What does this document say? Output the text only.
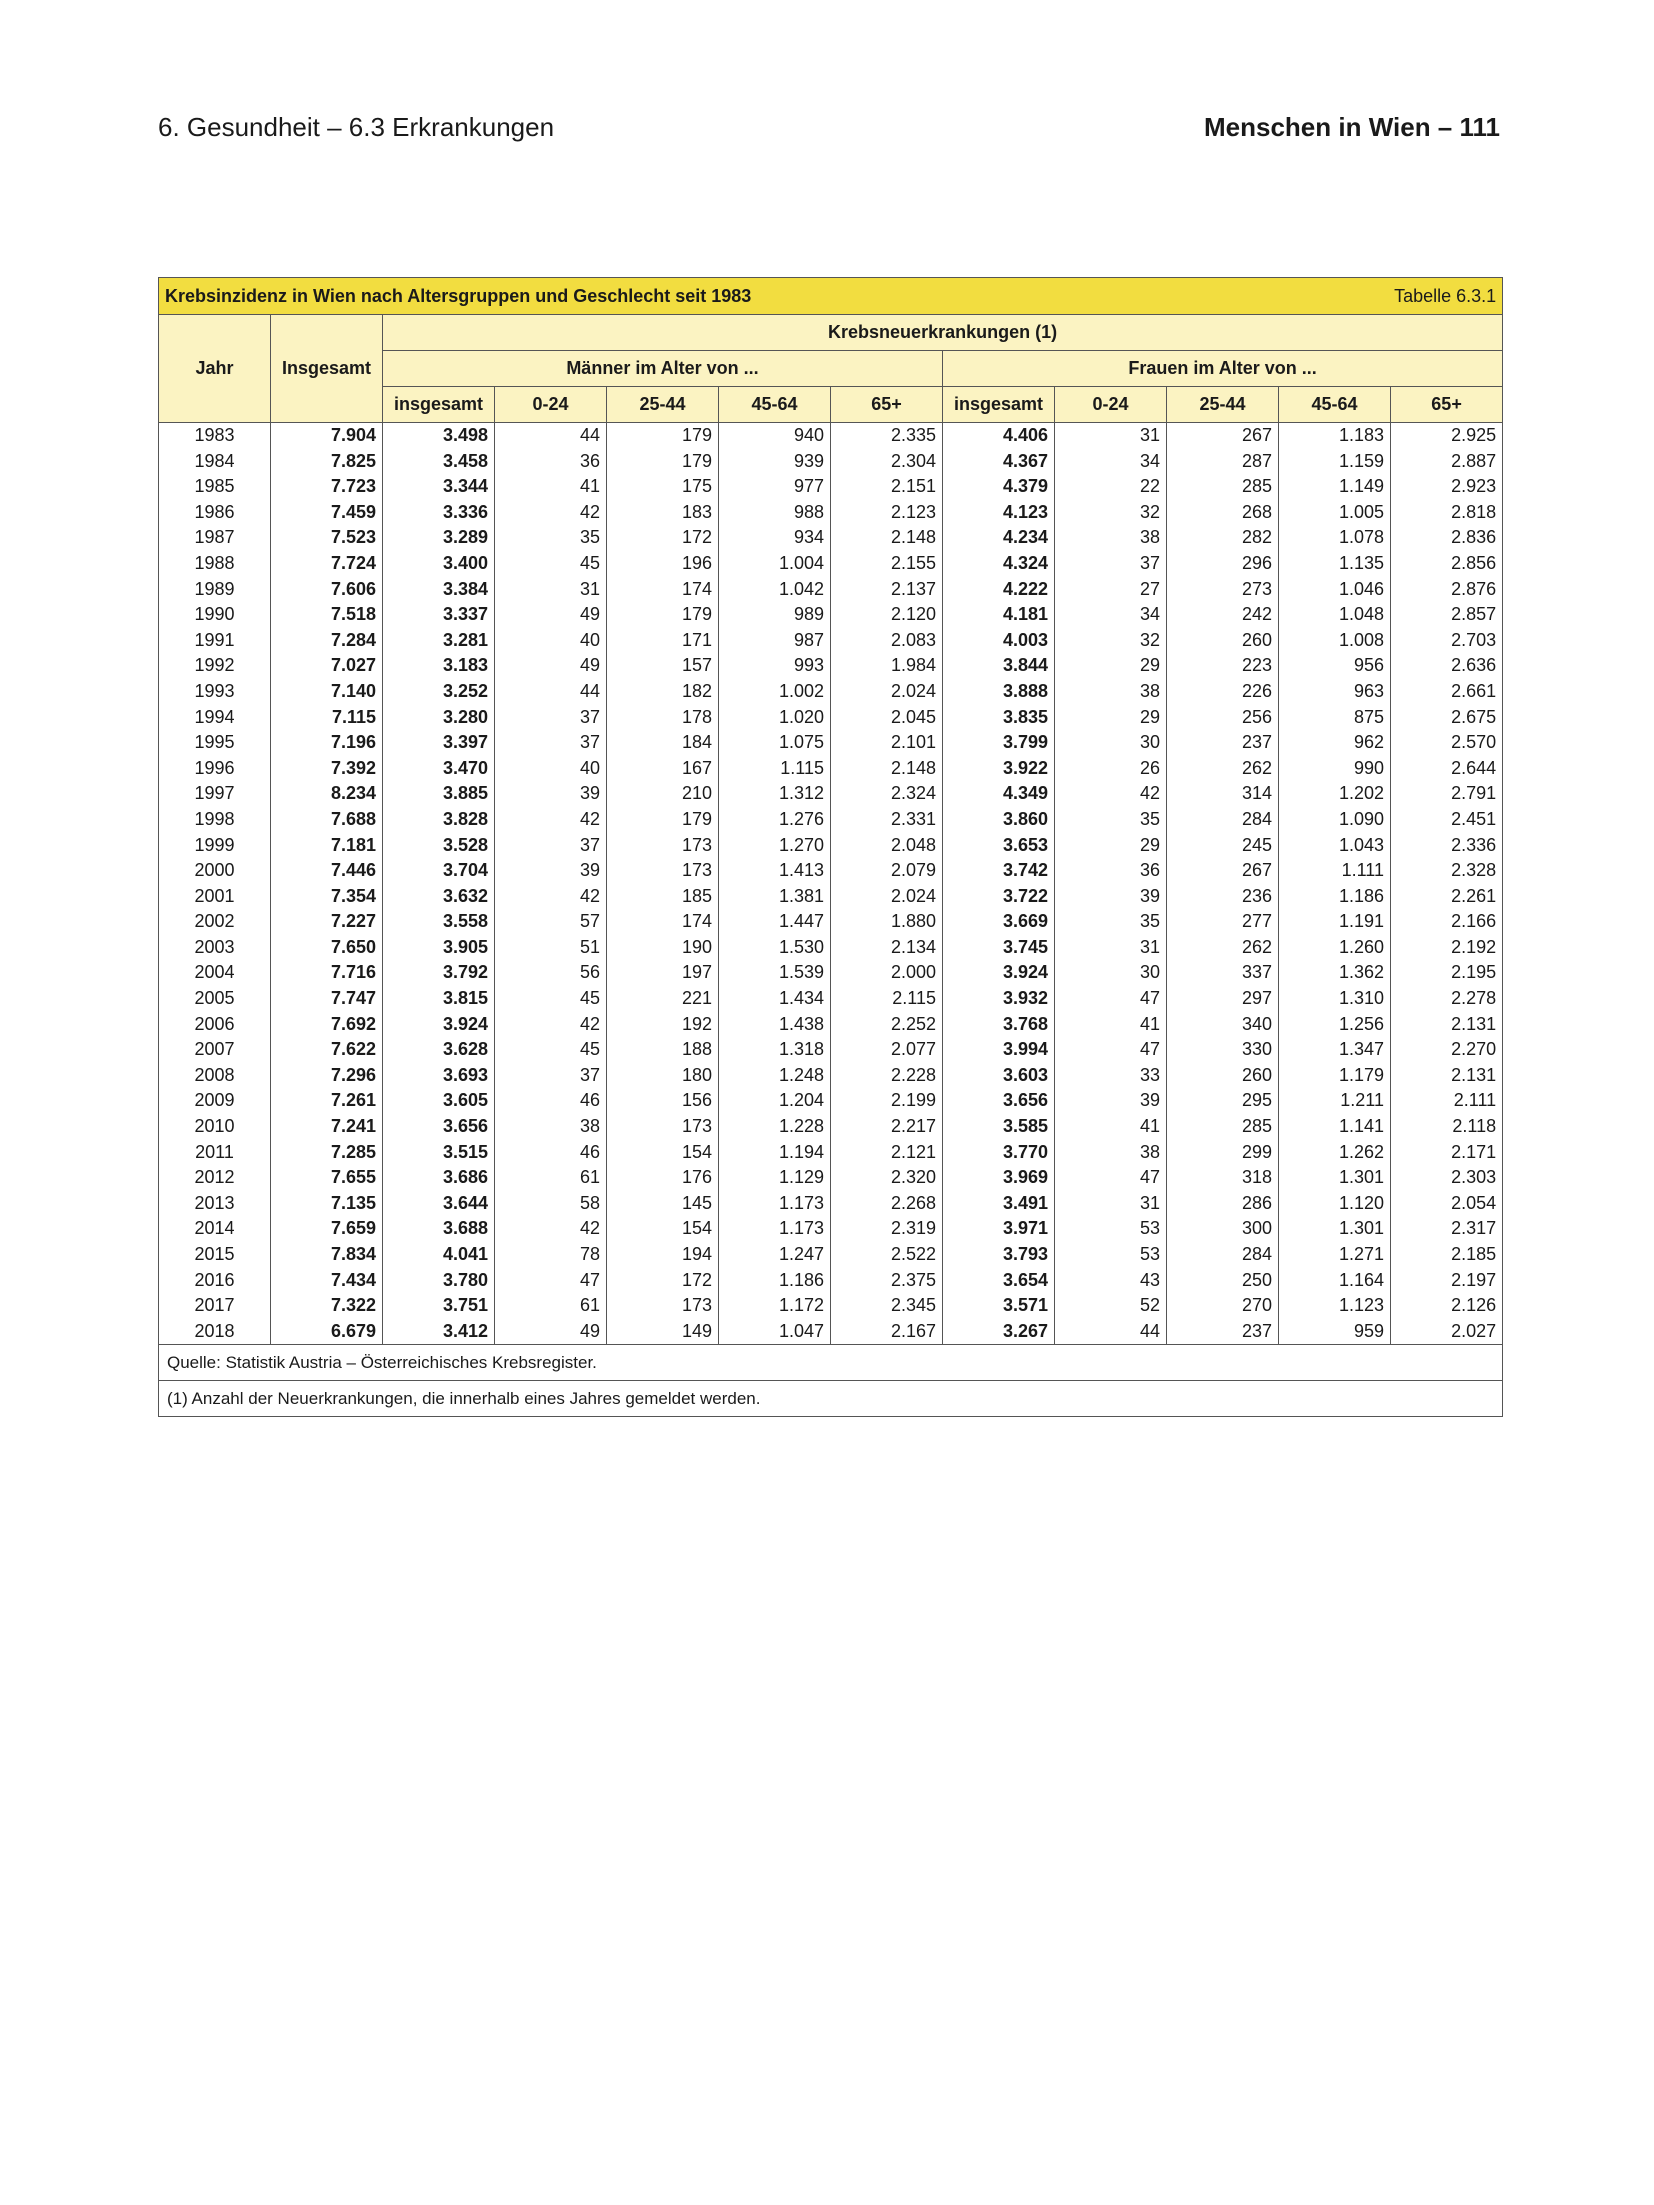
6. Gesundheit – 6.3 Erkrankungen	Menschen in Wien – 111
Krebsinzidenz in Wien nach Altersgruppen und Geschlecht seit 1983 Tabelle 6.3.1											

Jahr	Insgesamt	Krebsneuerkrankungen (1)									
		Männer im Alter von ...					Frauen im Alter von ...				
		insgesamt	0-24	25-44	45-64	65+	insgesamt	0-24	25-44	45-64	65+
1983	7.904	3.498	44	179	940	2.335	4.406	31	267	1.183	2.925
1984	7.825	3.458	36	179	939	2.304	4.367	34	287	1.159	2.887
1985	7.723	3.344	41	175	977	2.151	4.379	22	285	1.149	2.923
1986	7.459	3.336	42	183	988	2.123	4.123	32	268	1.005	2.818
1987	7.523	3.289	35	172	934	2.148	4.234	38	282	1.078	2.836
1988	7.724	3.400	45	196	1.004	2.155	4.324	37	296	1.135	2.856
1989	7.606	3.384	31	174	1.042	2.137	4.222	27	273	1.046	2.876
1990	7.518	3.337	49	179	989	2.120	4.181	34	242	1.048	2.857
1991	7.284	3.281	40	171	987	2.083	4.003	32	260	1.008	2.703
1992	7.027	3.183	49	157	993	1.984	3.844	29	223	956	2.636
1993	7.140	3.252	44	182	1.002	2.024	3.888	38	226	963	2.661
1994	7.115	3.280	37	178	1.020	2.045	3.835	29	256	875	2.675
1995	7.196	3.397	37	184	1.075	2.101	3.799	30	237	962	2.570
1996	7.392	3.470	40	167	1.115	2.148	3.922	26	262	990	2.644
1997	8.234	3.885	39	210	1.312	2.324	4.349	42	314	1.202	2.791
1998	7.688	3.828	42	179	1.276	2.331	3.860	35	284	1.090	2.451
1999	7.181	3.528	37	173	1.270	2.048	3.653	29	245	1.043	2.336
2000	7.446	3.704	39	173	1.413	2.079	3.742	36	267	1.111	2.328
2001	7.354	3.632	42	185	1.381	2.024	3.722	39	236	1.186	2.261
2002	7.227	3.558	57	174	1.447	1.880	3.669	35	277	1.191	2.166
2003	7.650	3.905	51	190	1.530	2.134	3.745	31	262	1.260	2.192
2004	7.716	3.792	56	197	1.539	2.000	3.924	30	337	1.362	2.195
2005	7.747	3.815	45	221	1.434	2.115	3.932	47	297	1.310	2.278
2006	7.692	3.924	42	192	1.438	2.252	3.768	41	340	1.256	2.131
2007	7.622	3.628	45	188	1.318	2.077	3.994	47	330	1.347	2.270
2008	7.296	3.693	37	180	1.248	2.228	3.603	33	260	1.179	2.131
2009	7.261	3.605	46	156	1.204	2.199	3.656	39	295	1.211	2.111
2010	7.241	3.656	38	173	1.228	2.217	3.585	41	285	1.141	2.118
2011	7.285	3.515	46	154	1.194	2.121	3.770	38	299	1.262	2.171
2012	7.655	3.686	61	176	1.129	2.320	3.969	47	318	1.301	2.303
2013	7.135	3.644	58	145	1.173	2.268	3.491	31	286	1.120	2.054
2014	7.659	3.688	42	154	1.173	2.319	3.971	53	300	1.301	2.317
2015	7.834	4.041	78	194	1.247	2.522	3.793	53	284	1.271	2.185
2016	7.434	3.780	47	172	1.186	2.375	3.654	43	250	1.164	2.197
2017	7.322	3.751	61	173	1.172	2.345	3.571	52	270	1.123	2.126
2018	6.679	3.412	49	149	1.047	2.167	3.267	44	237	959	2.027
Quelle: Statistik Austria – Österreichisches Krebsregister.											
(1) Anzahl der Neuerkrankungen, die innerhalb eines Jahres gemeldet werden.											
